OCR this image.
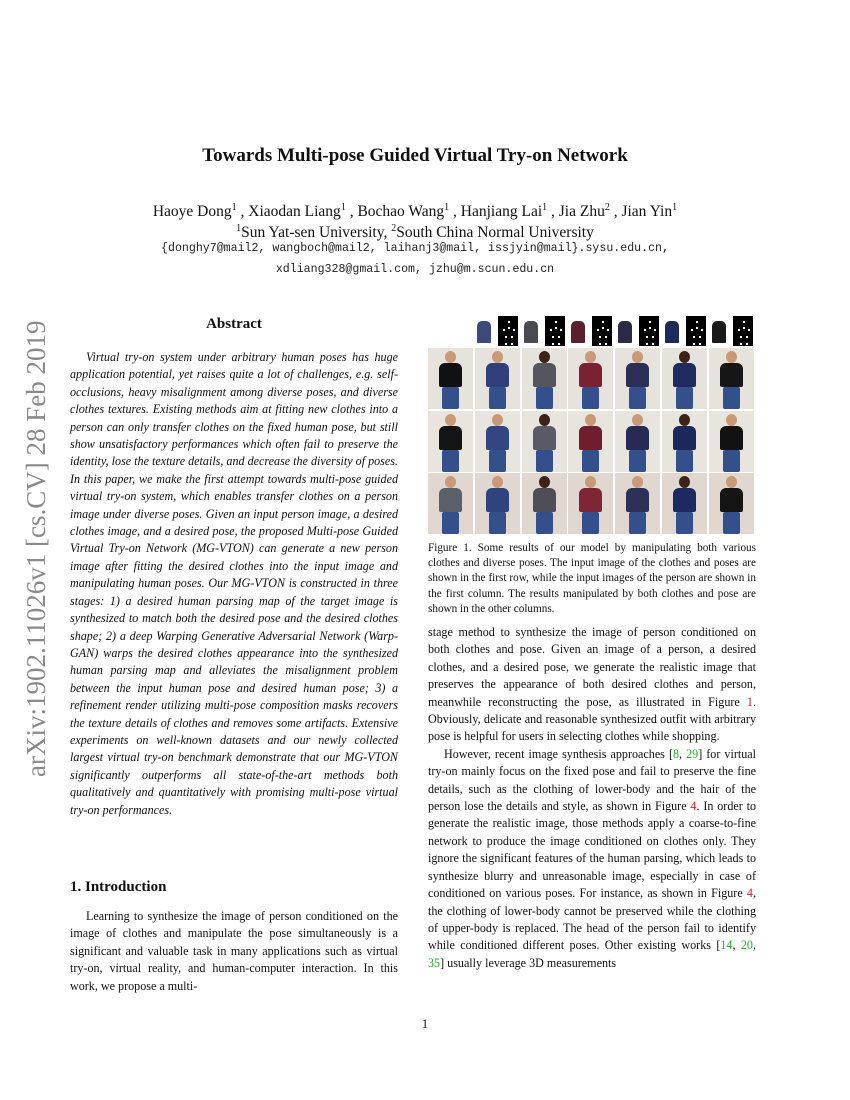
arXiv:1902.11026v1 [cs.CV] 28 Feb 2019
Towards Multi-pose Guided Virtual Try-on Network
Haoye Dong$^1$ , Xiaodan Liang$^1$ , Bochao Wang$^1$ , Hanjiang Lai$^1$ , Jia Zhu$^2$ , Jian Yin$^1$
$^1$Sun Yat-sen University, $^2$South China Normal University
{donghy7@mail2, wangboch@mail2, laihanj3@mail, issjyin@mail}.sysu.edu.cn,
xdliang328@gmail.com, jzhu@m.scun.edu.cn
Abstract
Virtual try-on system under arbitrary human poses has huge application potential, yet raises quite a lot of challenges, e.g. self-occlusions, heavy misalignment among diverse poses, and diverse clothes textures. Existing methods aim at fitting new clothes into a person can only transfer clothes on the fixed human pose, but still show unsatisfactory performances which often fail to preserve the identity, lose the texture details, and decrease the diversity of poses. In this paper, we make the first attempt towards multi-pose guided virtual try-on system, which enables transfer clothes on a person image under diverse poses. Given an input person image, a desired clothes image, and a desired pose, the proposed Multi-pose Guided Virtual Try-on Network (MG-VTON) can generate a new person image after fitting the desired clothes into the input image and manipulating human poses. Our MG-VTON is constructed in three stages: 1) a desired human parsing map of the target image is synthesized to match both the desired pose and the desired clothes shape; 2) a deep Warping Generative Adversarial Network (Warp-GAN) warps the desired clothes appearance into the synthesized human parsing map and alleviates the misalignment problem between the input human pose and desired human pose; 3) a refinement render utilizing multi-pose composition masks recovers the texture details of clothes and removes some artifacts. Extensive experiments on well-known datasets and our newly collected largest virtual try-on benchmark demonstrate that our MG-VTON significantly outperforms all state-of-the-art methods both qualitatively and quantitatively with promising multi-pose virtual try-on performances.
1. Introduction
Learning to synthesize the image of person conditioned on the image of clothes and manipulate the pose simultaneously is a significant and valuable task in many applications such as virtual try-on, virtual reality, and human-computer interaction. In this work, we propose a multi-
Figure 1. Some results of our model by manipulating both various clothes and diverse poses. The input image of the clothes and poses are shown in the first row, while the input images of the person are shown in the first column. The results manipulated by both clothes and pose are shown in the other columns.

stage method to synthesize the image of person conditioned on both clothes and pose. Given an image of a person, a desired clothes, and a desired pose, we generate the realistic image that preserves the appearance of both desired clothes and person, meanwhile reconstructing the pose, as illustrated in Figure 1. Obviously, delicate and reasonable synthesized outfit with arbitrary pose is helpful for users in selecting clothes while shopping.

However, recent image synthesis approaches [8, 29] for virtual try-on mainly focus on the fixed pose and fail to preserve the fine details, such as the clothing of lower-body and the hair of the person lose the details and style, as shown in Figure 4. In order to generate the realistic image, those methods apply a coarse-to-fine network to produce the image conditioned on clothes only. They ignore the significant features of the human parsing, which leads to synthesize blurry and unreasonable image, especially in case of conditioned on various poses. For instance, as shown in Figure 4, the clothing of lower-body cannot be preserved while the clothing of upper-body is replaced. The head of the person fail to identify while conditioned different poses. Other existing works [14, 20, 35] usually leverage 3D measurements

1
